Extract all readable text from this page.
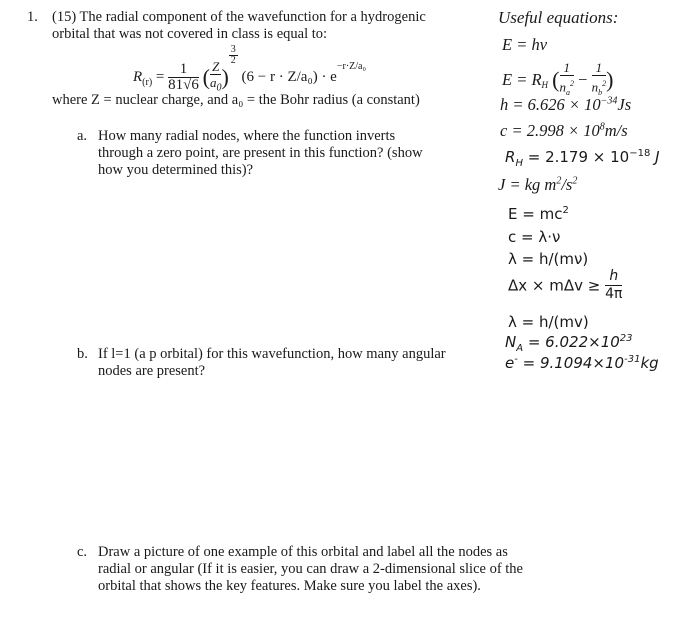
1. (15) The radial component of the wavefunction for a hydrogenic
orbital that was not covered in class is equal to:
$R_{(r)} = \frac{1}{81√6}$ ( $\frac{Z}{a_0}$ )
$\frac{3}{2}$
$(6 - r \cdot Z/a_0) \cdot e^{-r\cdot Z/a_0}$
where Z = nuclear charge, and a₀ = the Bohr radius (a constant)
a. How many radial nodes, where the function inverts
through a zero point, are present in this function? (show
how you determined this)?
b. If l=1 (a p orbital) for this wavefunction, how many angular
nodes are present?
c. Draw a picture of one example of this orbital and label all the nodes as
radial or angular (If it is easier, you can draw a 2-dimensional slice of the
orbital that shows the key features. Make sure you label the axes).
Useful equations:
E = hν
$E = R_H$ ( $\frac{1}{n_a^2} - \frac{1}{n_b^2}$ )
$h = 6.626 \times 10^{-34}Js$
$c = 2.998 \times 10^8m/s$
$R_H = 2.179 \times 10^{-18}$ J
J = kg $m^2/s^2$
$E = mc^2$
c = λ·ν
λ = h/(mν)
$\Delta x \times m\Delta v \ge \frac{h}{4\pi}$
λ = h/(mv)
$N_A = 6.022\times 10^{23}$
$e^- = 9.1094\times 10^{-31}kg$
